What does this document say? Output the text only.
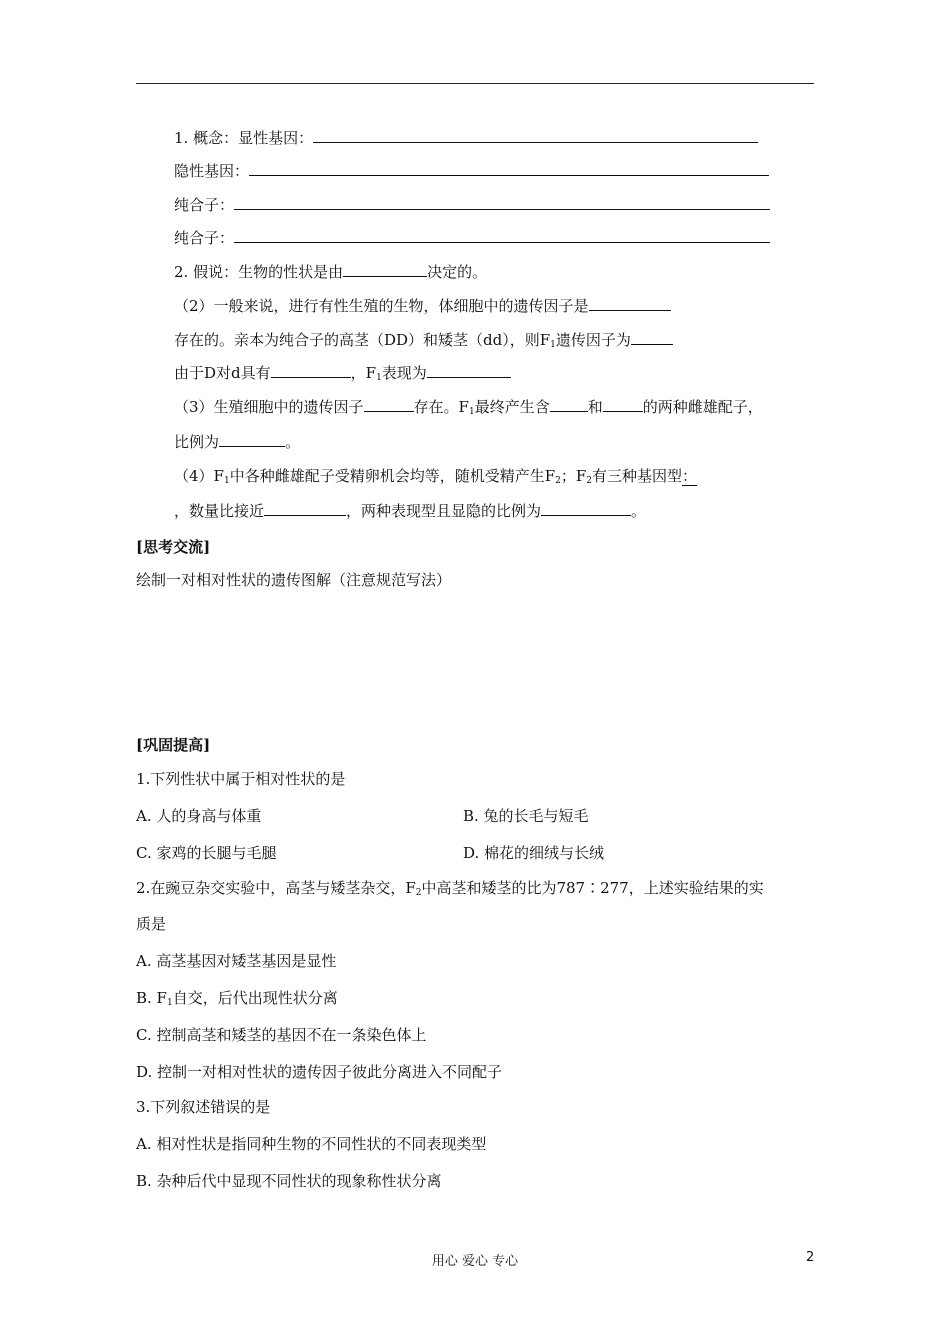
1. 概念：显性基因：
隐性基因：
纯合子：
纯合子：
2. 假说：生物的性状是由	决定的。
（2）一般来说，进行有性生殖的生物，体细胞中的遗传因子是
存在的。亲本为纯合子的高茎（DD）和矮茎（dd），则$F_1$遗传因子为
由于D对d具有	，$F_1$表现为
（3）生殖细胞中的遗传因子	存在。$F_1$最终产生含	和	的两种雌雄配子，
比例为	。
$(4)F_1$中各种雌雄配子受精卵机会均等，随机受精产生$F_2$；$F_2$有三种基因型：
，数量比接近	，两种表现型且显隐的比例为	。
[思考交流]
绘制一对相对性状的遗传图解（注意规范写法）
[巩固提高]
1.下列性状中属于相对性状的是
A. 人的身高与体重	B. 兔的长毛与短毛
C. 家鸡的长腿与毛腿	D. 棉花的细绒与长绒
2.在豌豆杂交实验中，高茎与矮茎杂交，$F_2$中高茎和矮茎的比为787∶277，上述实验结果的实
质是
A. 高茎基因对矮茎基因是显性
B. $F_1$自交，后代出现性状分离
C. 控制高茎和矮茎的基因不在一条染色体上
D. 控制一对相对性状的遗传因子彼此分离进入不同配子
3.下列叙述错误的是
A. 相对性状是指同种生物的不同性状的不同表现类型
B. 杂种后代中显现不同性状的现象称性状分离
用心 爱心 专心	2
